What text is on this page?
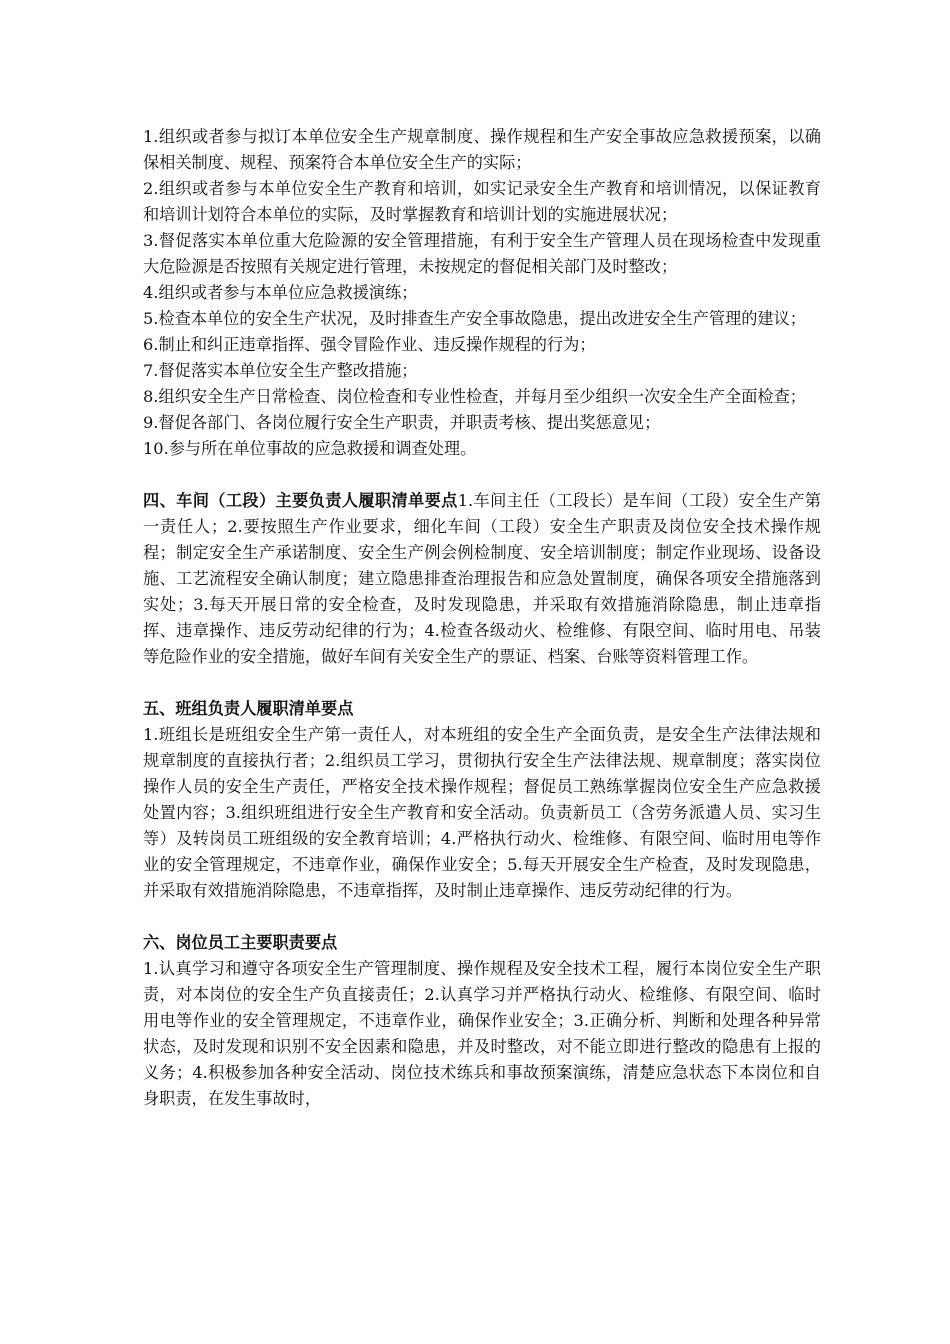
1.组织或者参与拟订本单位安全生产规章制度、操作规程和生产安全事故应急救援预案，以确保相关制度、规程、预案符合本单位安全生产的实际；

2.组织或者参与本单位安全生产教育和培训，如实记录安全生产教育和培训情况，以保证教育和培训计划符合本单位的实际，及时掌握教育和培训计划的实施进展状况；

3.督促落实本单位重大危险源的安全管理措施，有利于安全生产管理人员在现场检查中发现重大危险源是否按照有关规定进行管理，未按规定的督促相关部门及时整改；

4.组织或者参与本单位应急救援演练；

5.检查本单位的安全生产状况，及时排查生产安全事故隐患，提出改进安全生产管理的建议；

6.制止和纠正违章指挥、强令冒险作业、违反操作规程的行为；

7.督促落实本单位安全生产整改措施；

8.组织安全生产日常检查、岗位检查和专业性检查，并每月至少组织一次安全生产全面检查；

9.督促各部门、各岗位履行安全生产职责，并职责考核、提出奖惩意见；

10.参与所在单位事故的应急救援和调查处理。

四、车间（工段）主要负责人履职清单要点1.车间主任（工段长）是车间（工段）安全生产第一责任人；2.要按照生产作业要求，细化车间（工段）安全生产职责及岗位安全技术操作规程；制定安全生产承诺制度、安全生产例会例检制度、安全培训制度；制定作业现场、设备设施、工艺流程安全确认制度；建立隐患排查治理报告和应急处置制度，确保各项安全措施落到实处；3.每天开展日常的安全检查，及时发现隐患，并采取有效措施消除隐患，制止违章指挥、违章操作、违反劳动纪律的行为；4.检查各级动火、检维修、有限空间、临时用电、吊装等危险作业的安全措施，做好车间有关安全生产的票证、档案、台账等资料管理工作。

五、班组负责人履职清单要点

1.班组长是班组安全生产第一责任人，对本班组的安全生产全面负责，是安全生产法律法规和规章制度的直接执行者；2.组织员工学习，贯彻执行安全生产法律法规、规章制度；落实岗位操作人员的安全生产责任，严格安全技术操作规程；督促员工熟练掌握岗位安全生产应急救援处置内容；3.组织班组进行安全生产教育和安全活动。负责新员工（含劳务派遣人员、实习生等）及转岗员工班组级的安全教育培训；4.严格执行动火、检维修、有限空间、临时用电等作业的安全管理规定，不违章作业，确保作业安全；5.每天开展安全生产检查，及时发现隐患，并采取有效措施消除隐患，不违章指挥，及时制止违章操作、违反劳动纪律的行为。

六、岗位员工主要职责要点

1.认真学习和遵守各项安全生产管理制度、操作规程及安全技术工程，履行本岗位安全生产职责，对本岗位的安全生产负直接责任；2.认真学习并严格执行动火、检维修、有限空间、临时用电等作业的安全管理规定，不违章作业，确保作业安全；3.正确分析、判断和处理各种异常状态，及时发现和识别不安全因素和隐患，并及时整改，对不能立即进行整改的隐患有上报的义务；4.积极参加各种安全活动、岗位技术练兵和事故预案演练，清楚应急状态下本岗位和自身职责，在发生事故时，
